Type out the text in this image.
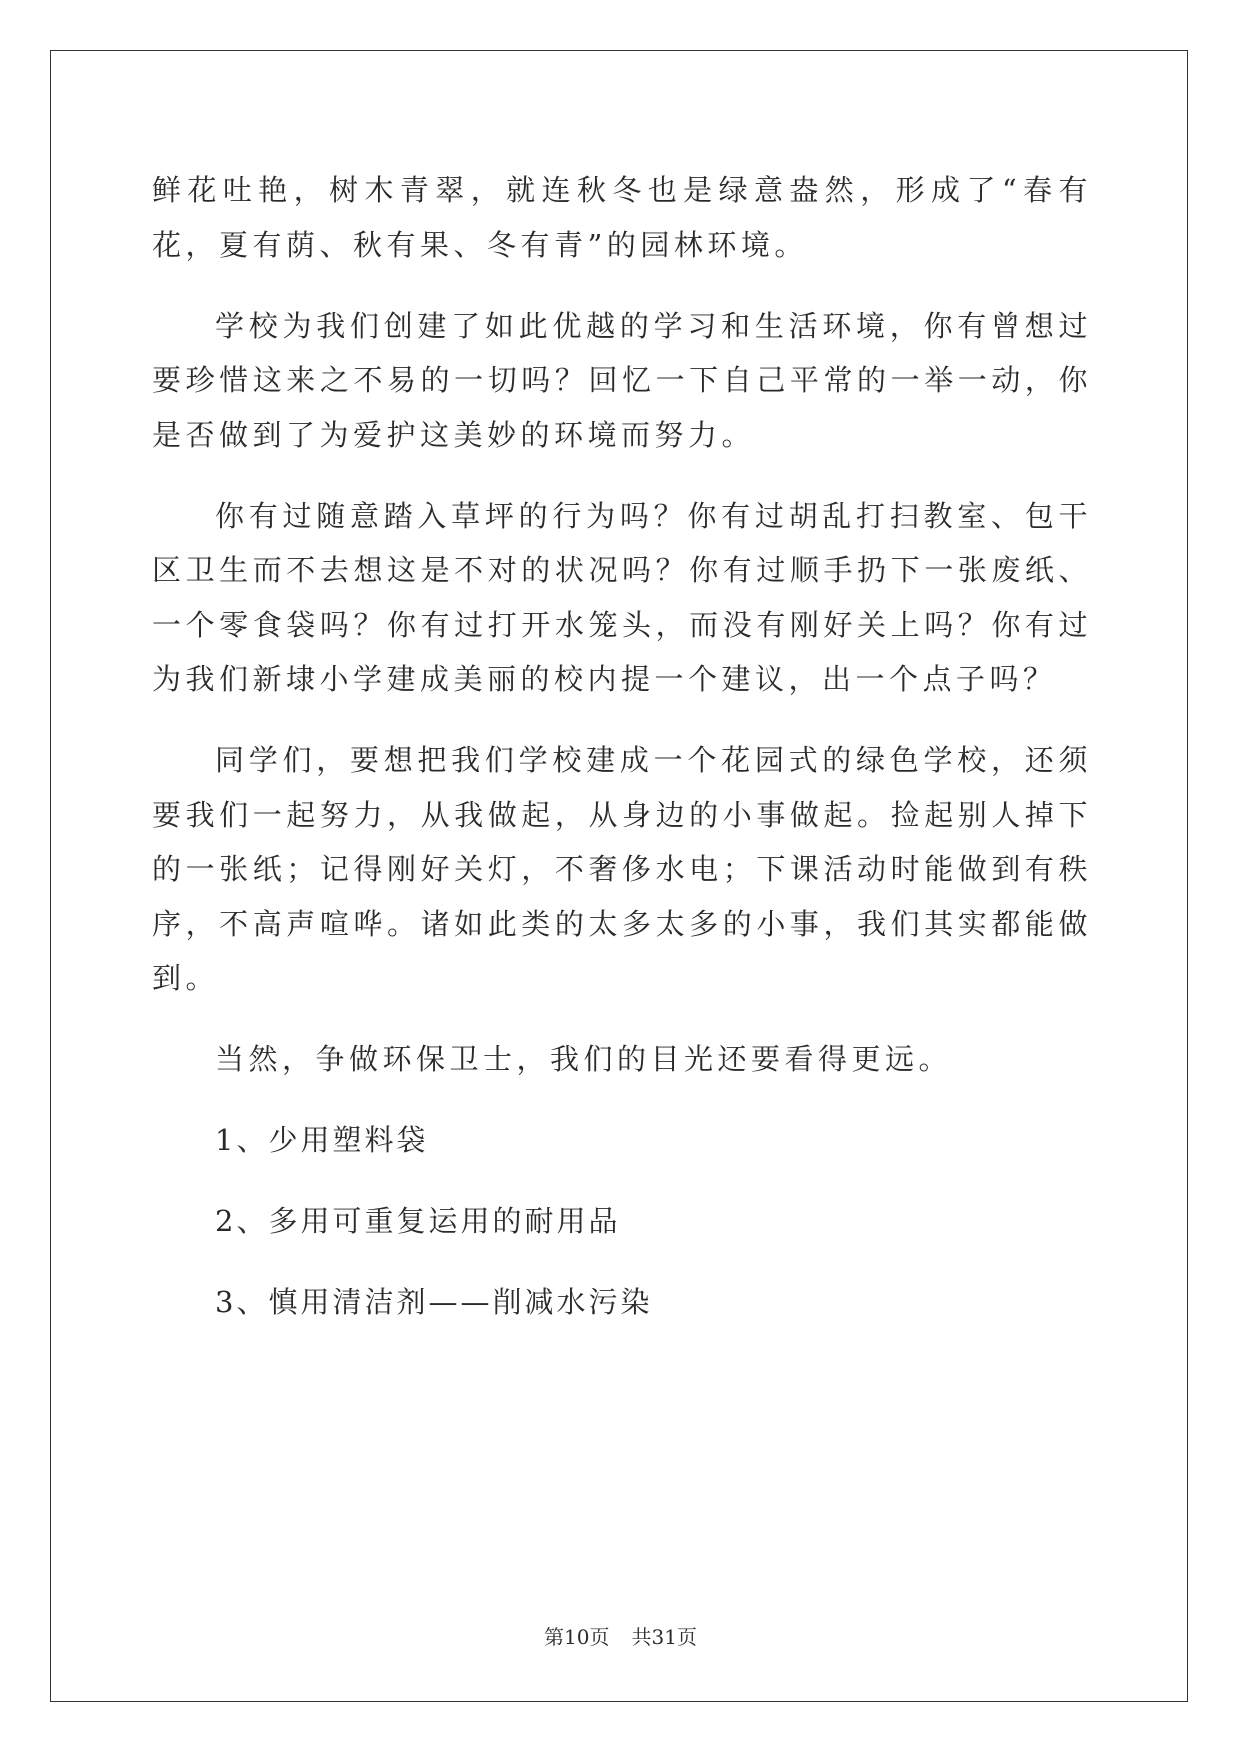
鲜花吐艳，树木青翠，就连秋冬也是绿意盎然，形成了“春有花，夏有荫、秋有果、冬有青”的园林环境。

学校为我们创建了如此优越的学习和生活环境，你有曾想过要珍惜这来之不易的一切吗？回忆一下自己平常的一举一动，你是否做到了为爱护这美妙的环境而努力。

你有过随意踏入草坪的行为吗？你有过胡乱打扫教室、包干区卫生而不去想这是不对的状况吗？你有过顺手扔下一张废纸、一个零食袋吗？你有过打开水笼头，而没有刚好关上吗？你有过为我们新埭小学建成美丽的校内提一个建议，出一个点子吗？

同学们，要想把我们学校建成一个花园式的绿色学校，还须要我们一起努力，从我做起，从身边的小事做起。捡起别人掉下的一张纸；记得刚好关灯，不奢侈水电；下课活动时能做到有秩序，不高声喧哗。诸如此类的太多太多的小事，我们其实都能做到。

当然，争做环保卫士，我们的目光还要看得更远。

1、少用塑料袋

2、多用可重复运用的耐用品

3、慎用清洁剂——削减水污染

第10页 共31页
